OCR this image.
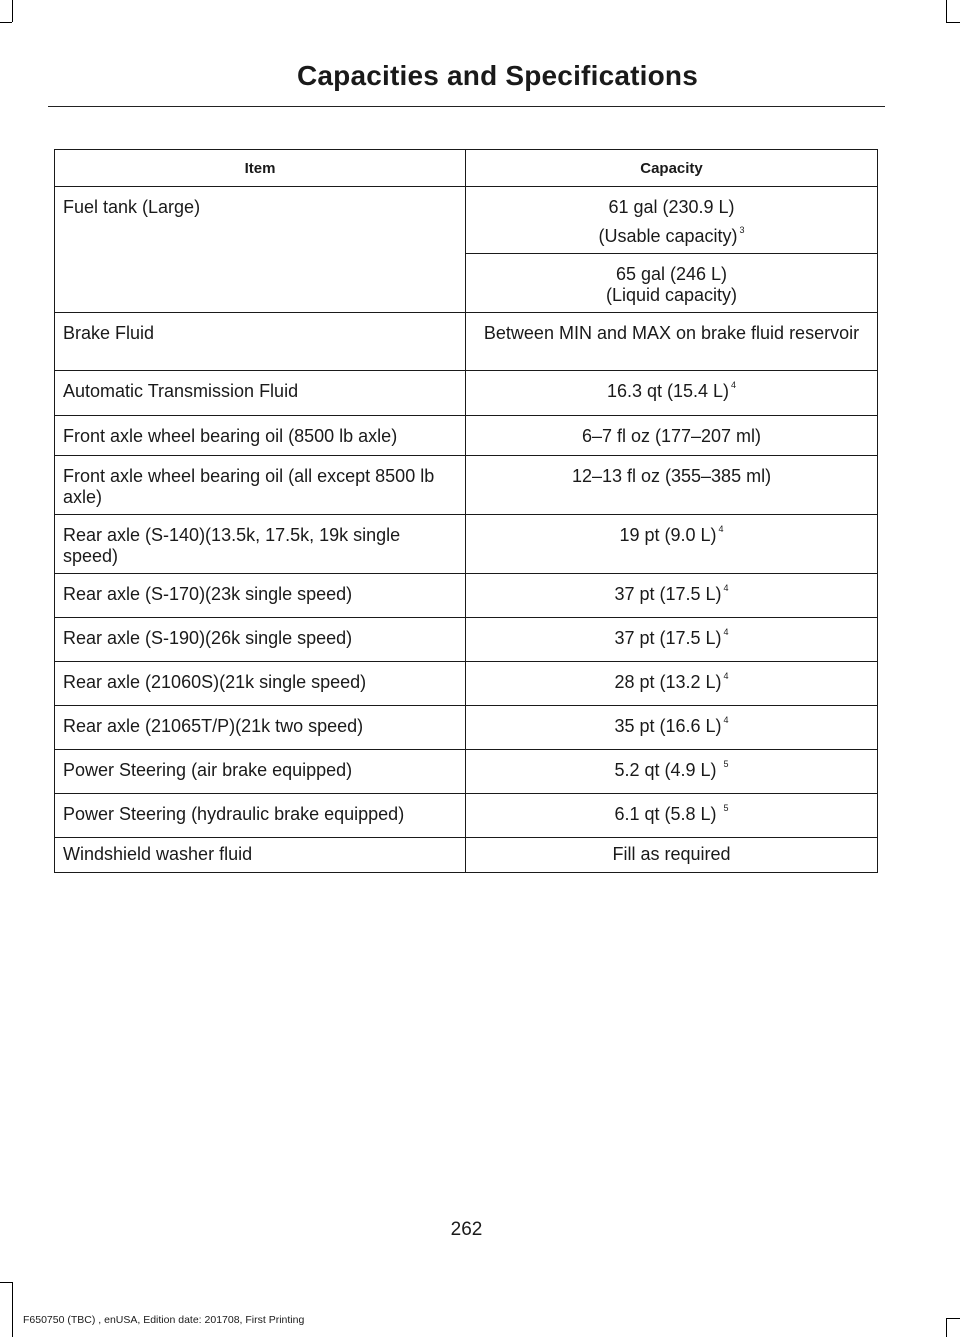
Capacities and Specifications
Item	Capacity
Fuel tank (Large)	61 gal (230.9 L)
(Usable capacity) $^3$

	65 gal (246 L)
(Liquid capacity)
Brake Fluid	Between MIN and MAX on brake fluid reservoir
Automatic Transmission Fluid	16.3 qt (15.4 L) $^4$
Front axle wheel bearing oil (8500 lb axle)	6–7 fl oz (177–207 ml)
Front axle wheel bearing oil (all except 8500 lb axle)	12–13 fl oz (355–385 ml)
Rear axle (S-140)(13.5k, 17.5k, 19k single speed)	19 pt (9.0 L) $^4$
Rear axle (S-170)(23k single speed)	37 pt (17.5 L) $^4$
Rear axle (S-190)(26k single speed)	37 pt (17.5 L) $^4$
Rear axle (21060S)(21k single speed)	28 pt (13.2 L) $^4$
Rear axle (21065T/P)(21k two speed)	35 pt (16.6 L) $^4$
Power Steering (air brake equipped)	5.2 qt (4.9 L) $^5$
Power Steering (hydraulic brake equipped)	6.1 qt (5.8 L) $^5$
Windshield washer fluid	Fill as required
262
F650750 (TBC) , enUSA, Edition date: 201708, First Printing
